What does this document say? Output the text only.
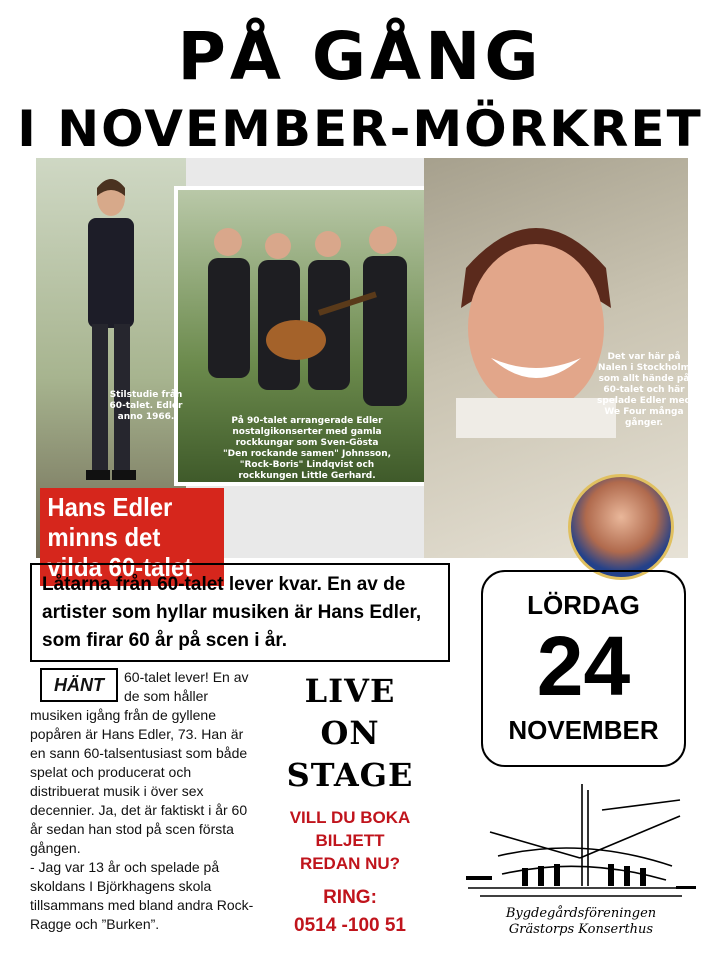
PÅ GÅNG
I NOVEMBER-MÖRKRET
Stilstudie från 60-talet. Edler anno 1966.	På 90-talet arrangerade Edler nostalgikonserter med gamla rockkungar som Sven-Gösta "Den rockande samen" Johnsson, "Rock-Boris" Lindqvist och rockkungen Little Gerhard.
Det var här på Nalen i Stockholm som allt hände på 60-talet och här spelade Edler med We Four många gånger.
Hans Edler minns det vilda 60-talet
Låtarna från 60-talet lever kvar. En av de artister som hyllar musiken är Hans Edler, som firar 60 år på scen i år.
LÖRDAG
24
NOVEMBER
HÄNT	60-talet lever! En av de som håller musiken igång från de gyllene popåren är Hans Edler, 73. Han är en sann 60-talsentusiast som både spelat och producerat och distribuerat musik i över sex decennier. Ja, det är faktiskt i år 60 år sedan han stod på scen första gången.

- Jag var 13 år och spelade på skoldans I Björkhagens skola tillsammans med bland andra Rock-Ragge och ”Burken”.

LIVE
ON
STAGE
VILL DU BOKA
BILJETT
REDAN NU?
RING:
0514 -100 51
Bygdegårdsföreningen
Grästorps Konserthus
